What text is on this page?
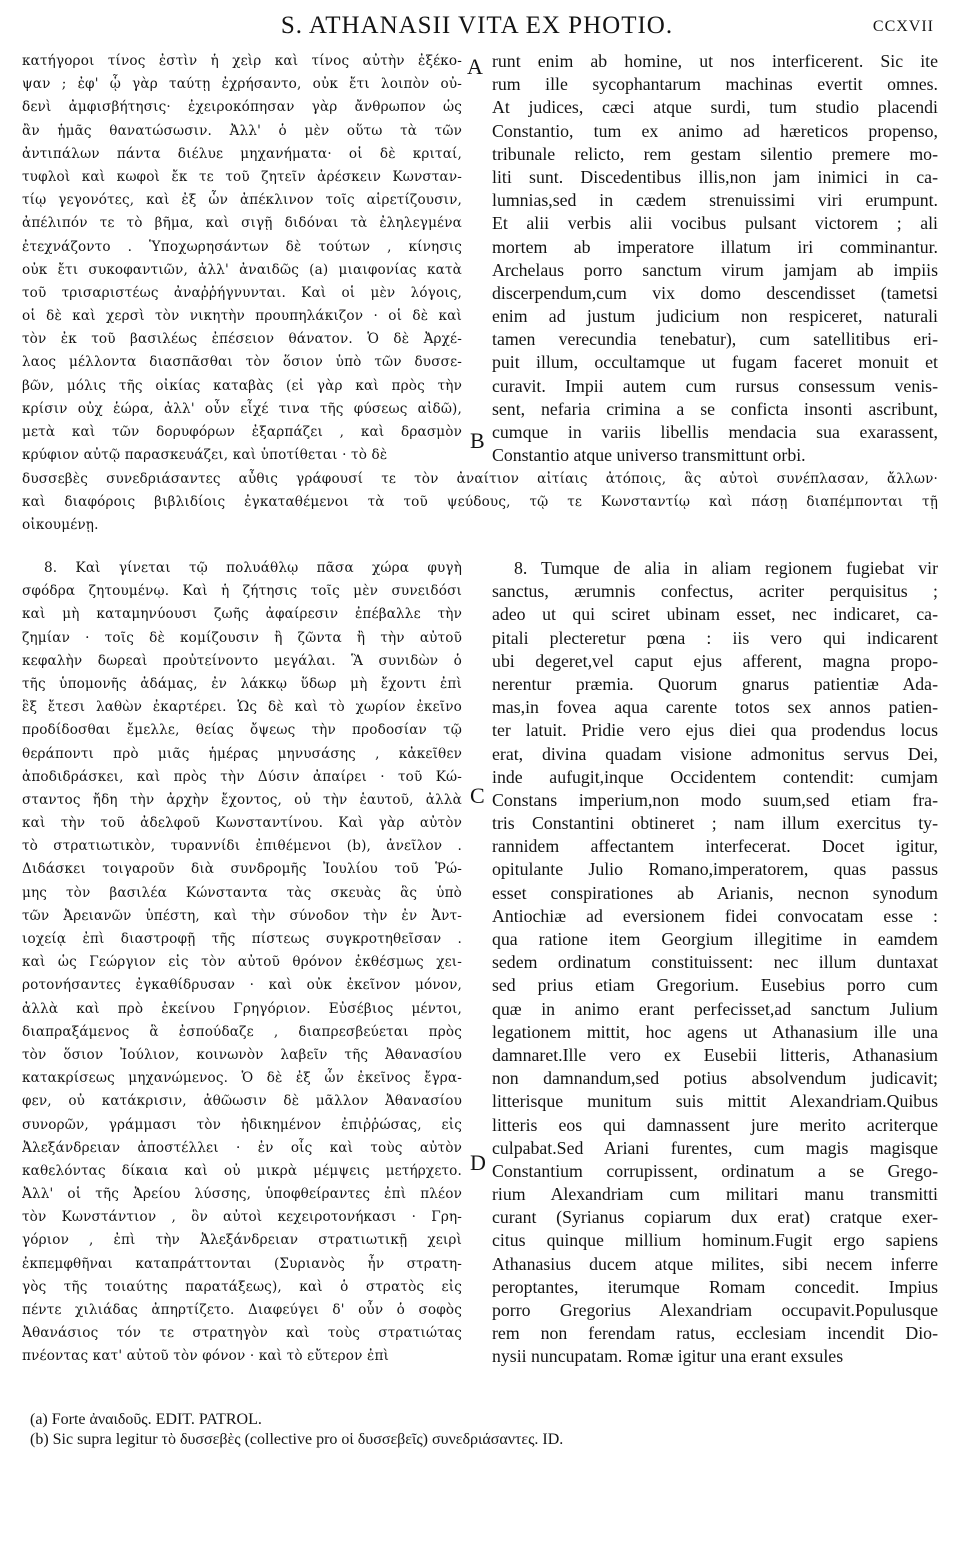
S. ATHANASII VITA EX PHOTIO.	CCXVII
κατήγοροι τίνος ἐστὶν ἡ χεὶρ καὶ τίνος αὐτὴν ἐξέκο-
ψαν ; ἐφ' ᾧ γὰρ ταύτῃ ἐχρήσαντο, οὐκ ἔτι λοιπὸν οὐ-
δενὶ ἀμφισβήτησις· ἐχειροκόπησαν γὰρ ἄνθρωπον ὡς
ἂν ἡμᾶς θανατώσωσιν. Ἀλλ' ὁ μὲν οὕτω τὰ τῶν
ἀντιπάλων πάντα διέλυε μηχανήματα· οἱ δὲ κριταί,
τυφλοὶ καὶ κωφοὶ ἔκ τε τοῦ ζητεῖν ἀρέσκειν Κωνσταν-
τίῳ γεγονότες, καὶ ἐξ ὧν ἀπέκλινον τοῖς αἱρετίζουσιν,
ἀπέλιπόν τε τὸ βῆμα, καὶ σιγῇ διδόναι τὰ ἐληλεγμένα
ἐτεχνάζοντο . Ὑποχωρησάντων δὲ τούτων , κίνησις
οὐκ ἔτι συκοφαντιῶν, ἀλλ' ἀναιδῶς (a) μιαιφονίας κατὰ
τοῦ τρισαριστέως ἀναῤῥήγνυνται. Καὶ οἱ μὲν λόγοις,
οἱ δὲ καὶ χερσὶ τὸν νικητὴν προυπηλάκιζον · οἱ δὲ καὶ
τὸν ἐκ τοῦ βασιλέως ἐπέσειον θάνατον. Ὁ δὲ Ἀρχέ-
λαος μέλλοντα διασπᾶσθαι τὸν ὅσιον ὑπὸ τῶν δυσσε-
βῶν, μόλις τῆς οἰκίας καταβὰς (εἰ γὰρ καὶ πρὸς τὴν
κρίσιν οὐχ ἑώρα, ἀλλ' οὖν εἶχέ τινα τῆς φύσεως αἰδῶ),
μετὰ καὶ τῶν δορυφόρων ἐξαρπάζει , καὶ δρασμὸν
κρύφιον αὐτῷ παρασκευάζει, καὶ ὑποτίθεται · τὸ δὲ
runt enim ab homine, ut nos interficerent. Sic ite
rum ille sycophantarum machinas evertit omnes.
At judices, cæci atque surdi, tum studio placendi
Constantio, tum ex animo ad hæreticos propenso,
tribunale relicto, rem gestam silentio premere mo-
liti sunt. Discedentibus illis,non jam inimici in ca-
lumnias,sed in cædem strenuissimi viri erumpunt.
Et alii verbis alii vocibus pulsant victorem ; ali
mortem ab imperatore illatum iri comminantur.
Archelaus porro sanctum virum jamjam ab impiis
discerpendum,cum vix domo descendisset (tametsi
enim ad justum judicium non respiceret, naturali
tamen verecundia tenebatur), cum satellitibus eri-
puit illum, occultamque ut fugam faceret monuit et
curavit. Impii autem cum rursus consessum venis-
sent, nefaria crimina a se conficta insonti ascribunt,
cumque in variis libellis mendacia sua exarassent,
Constantio atque universo transmittunt orbi.
δυσσεβὲς συνεδριάσαντες αὖθις γράφουσί τε τὸν ἀναίτιον αἰτίαις ἀτόποις, ἃς αὐτοὶ συνέπλασαν, ἄλλων·
καὶ διαφόροις βιβλιδίοις ἐγκαταθέμενοι τὰ τοῦ ψεύδους, τῷ τε Κωνσταντίῳ καὶ πάσῃ διαπέμπονται τῇ
οἰκουμένῃ.
8. Καὶ γίνεται τῷ πολυάθλῳ πᾶσα χώρα φυγὴ
σφόδρα ζητουμένῳ. Καὶ ἡ ζήτησις τοῖς μὲν συνειδόσι
καὶ μὴ καταμηνύουσι ζωῆς ἀφαίρεσιν ἐπέβαλλε τὴν
ζημίαν · τοῖς δὲ κομίζουσιν ἢ ζῶντα ἢ τὴν αὐτοῦ
κεφαλὴν δωρεαὶ προὐτείνοντο μεγάλαι. Ἃ συνιδὼν ὁ
τῆς ὑπομονῆς ἀδάμας, ἐν λάκκῳ ὕδωρ μὴ ἔχοντι ἐπὶ
ἓξ ἔτεσι λαθὼν ἐκαρτέρει. Ὡς δὲ καὶ τὸ χωρίον ἐκεῖνο
προδίδοσθαι ἔμελλε, θείας ὄψεως τὴν προδοσίαν τῷ
θεράποντι πρὸ μιᾶς ἡμέρας μηνυσάσης , κἀκεῖθεν
ἀποδιδράσκει, καὶ πρὸς τὴν Δύσιν ἀπαίρει · τοῦ Κώ-
σταντος ἤδη τὴν ἀρχὴν ἔχοντος, οὐ τὴν ἑαυτοῦ, ἀλλὰ
καὶ τὴν τοῦ ἀδελφοῦ Κωνσταντίνου. Καὶ γὰρ αὐτὸν
τὸ στρατιωτικὸν, τυραννίδι ἐπιθέμενοι (b), ἀνεῖλον .
Διδάσκει τοιγαροῦν διὰ συνδρομῆς Ἰουλίου τοῦ Ῥώ-
μης τὸν βασιλέα Κώνσταντα τὰς σκευὰς ἃς ὑπὸ
τῶν Ἀρειανῶν ὑπέστη, καὶ τὴν σύνοδον τὴν ἐν Ἀντ-
ιοχείᾳ ἐπὶ διαστροφῇ τῆς πίστεως συγκροτηθεῖσαν .
καὶ ὡς Γεώργιον εἰς τὸν αὐτοῦ θρόνον ἐκθέσμως χει-
ροτονήσαντες ἐγκαθίδρυσαν · καὶ οὐκ ἐκεῖνον μόνον,
ἀλλὰ καὶ πρὸ ἐκείνου Γρηγόριον. Εὐσέβιος μέντοι,
διαπραξάμενος ἃ ἐσπούδαζε , διαπρεσβεύεται πρὸς
τὸν ὅσιον Ἰούλιον, κοινωνὸν λαβεῖν τῆς Ἀθανασίου
κατακρίσεως μηχανώμενος. Ὁ δὲ ἐξ ὧν ἐκεῖνος ἔγρα-
φεν, οὐ κατάκρισιν, ἀθῶωσιν δὲ μᾶλλον Ἀθανασίου
συνορῶν, γράμμασι τὸν ἠδικημένον ἐπιῤῥώσας, εἰς
Ἀλεξάνδρειαν ἀποστέλλει · ἐν οἷς καὶ τοὺς αὐτὸν
καθελόντας δίκαια καὶ οὐ μικρὰ μέμψεις μετήρχετο.
Ἀλλ' οἱ τῆς Ἀρείου λύσσης, ὑποφθείραντες ἐπὶ πλέον
τὸν Κωνστάντιον , ὃν αὐτοὶ κεχειροτονήκασι · Γρη-
γόριον , ἐπὶ τὴν Ἀλεξάνδρειαν στρατιωτικῇ χειρὶ
ἐκπεμφθῆναι καταπράττονται (Συριανὸς ἦν στρατη-
γὸς τῆς τοιαύτης παρατάξεως), καὶ ὁ στρατὸς εἰς
πέντε χιλιάδας ἀπηρτίζετο. Διαφεύγει δ' οὖν ὁ σοφὸς
Ἀθανάσιος τόν τε στρατηγὸν καὶ τοὺς στρατιώτας
πνέοντας κατ' αὐτοῦ τὸν φόνον · καὶ τὸ εὔτερον ἐπὶ
8. Tumque de alia in aliam regionem fugiebat vir
sanctus, ærumnis confectus, acriter perquisitus ;
adeo ut qui sciret ubinam esset, nec indicaret, ca-
pitali plecteretur pœna : iis vero qui indicarent
ubi degeret,vel caput ejus afferent, magna propo-
nerentur præmia. Quorum gnarus patientiæ Ada-
mas,in fovea aqua carente totos sex annos patien-
ter latuit. Pridie vero ejus diei qua prodendus locus
erat, divina quadam visione admonitus servus Dei,
inde aufugit,inque Occidentem contendit: cumjam
Constans imperium,non modo suum,sed etiam fra-
tris Constantini obtineret ; nam illum exercitus ty-
rannidem affectantem interfecerat. Docet igitur,
opitulante Julio Romano,imperatorem, quas passus
esset conspirationes ab Arianis, necnon synodum
Antiochiæ ad eversionem fidei convocatam esse :
qua ratione item Georgium illegitime in eamdem
sedem ordinatum constituissent: nec illum duntaxat
sed prius etiam Gregorium. Eusebius porro cum
quæ in animo erant perfecisset,ad sanctum Julium
legationem mittit, hoc agens ut Athanasium ille una
damnaret.Ille vero ex Eusebii litteris, Athanasium
non damnandum,sed potius absolvendum judicavit;
litterisque munitum suis mittit Alexandriam.Quibus
litteris eos qui damnassent jure merito acriterque
culpabat.Sed Ariani furentes, cum magis magisque
Constantium corrupissent, ordinatum a se Grego-
rium Alexandriam cum militari manu transmitti
curant (Syrianus copiarum dux erat) cratque exer-
citus quinque millium hominum.Fugit ergo sapiens
Athanasius ducem atque milites, sibi necem inferre
peroptantes, iterumque Romam concedit. Impius
porro Gregorius Alexandriam occupavit.Populusque
rem non ferendam ratus, ecclesiam incendit Dio-
nysii nuncupatam. Romæ igitur una erant exsules
A
B
C
D
(a) Forte ἀναιδοῦς. EDIT. PATROL.
(b) Sic supra legitur τὸ δυσσεβὲς (collective pro οἱ δυσσεβεῖς) συνεδριάσαντες. ID.
